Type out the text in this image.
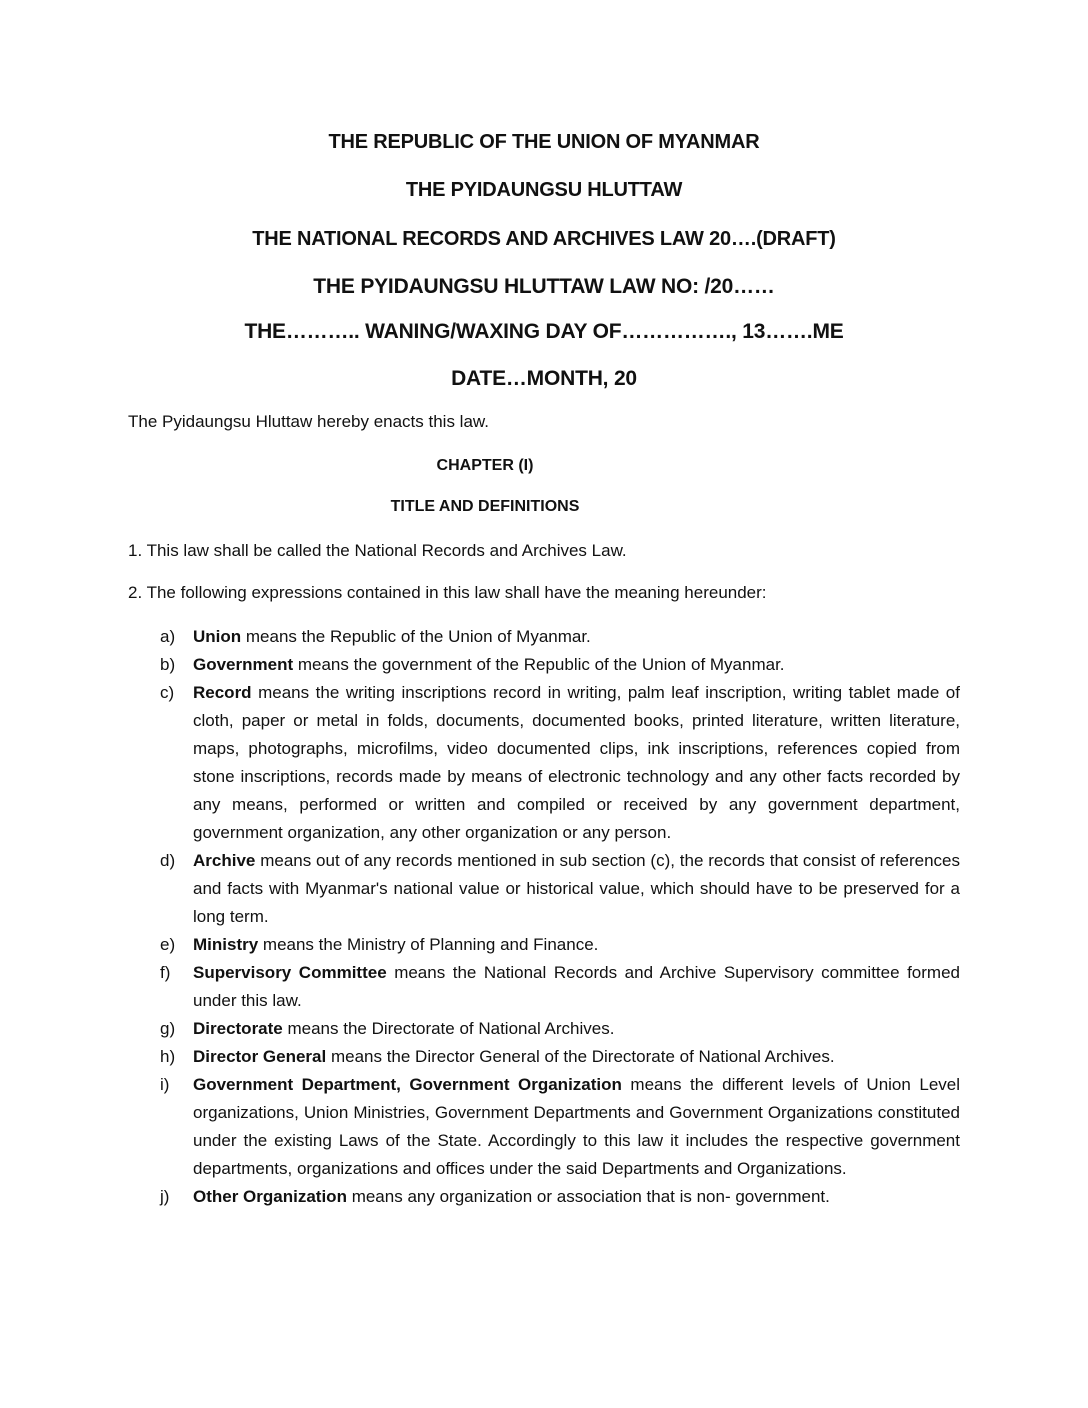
THE REPUBLIC OF THE UNION OF MYANMAR
THE PYIDAUNGSU HLUTTAW
THE NATIONAL RECORDS AND ARCHIVES LAW 20….(DRAFT)
THE PYIDAUNGSU HLUTTAW LAW NO: /20……
THE……….. WANING/WAXING DAY OF……………., 13…….ME
DATE…MONTH, 20
The Pyidaungsu Hluttaw hereby enacts this law.
CHAPTER (I)
TITLE AND DEFINITIONS
1. This law shall be called the National Records and Archives Law.
2. The following expressions contained in this law shall have the meaning hereunder:
a)	Union means the Republic of the Union of Myanmar.
b)	Government means the government of the Republic of the Union of Myanmar.
c)	Record means the writing inscriptions record in writing, palm leaf inscription, writing tablet made of cloth, paper or metal in folds, documents, documented books, printed literature, written literature, maps, photographs, microfilms, video documented clips, ink inscriptions, references copied from stone inscriptions, records made by means of electronic technology and any other facts recorded by any means, performed or written and compiled or received by any government department, government organization, any other organization or any person.
d)	Archive means out of any records mentioned in sub section (c), the records that consist of references and facts with Myanmar's national value or historical value, which should have to be preserved for a long term.
e)	Ministry means the Ministry of Planning and Finance.
f)	Supervisory Committee means the National Records and Archive Supervisory committee formed under this law.
g)	Directorate means the Directorate of National Archives.
h)	Director General means the Director General of the Directorate of National Archives.
i)	Government Department, Government Organization means the different levels of Union Level organizations, Union Ministries, Government Departments and Government Organizations constituted under the existing Laws of the State. Accordingly to this law it includes the respective government departments, organizations and offices under the said Departments and Organizations.
j)	Other Organization means any organization or association that is non- government.
